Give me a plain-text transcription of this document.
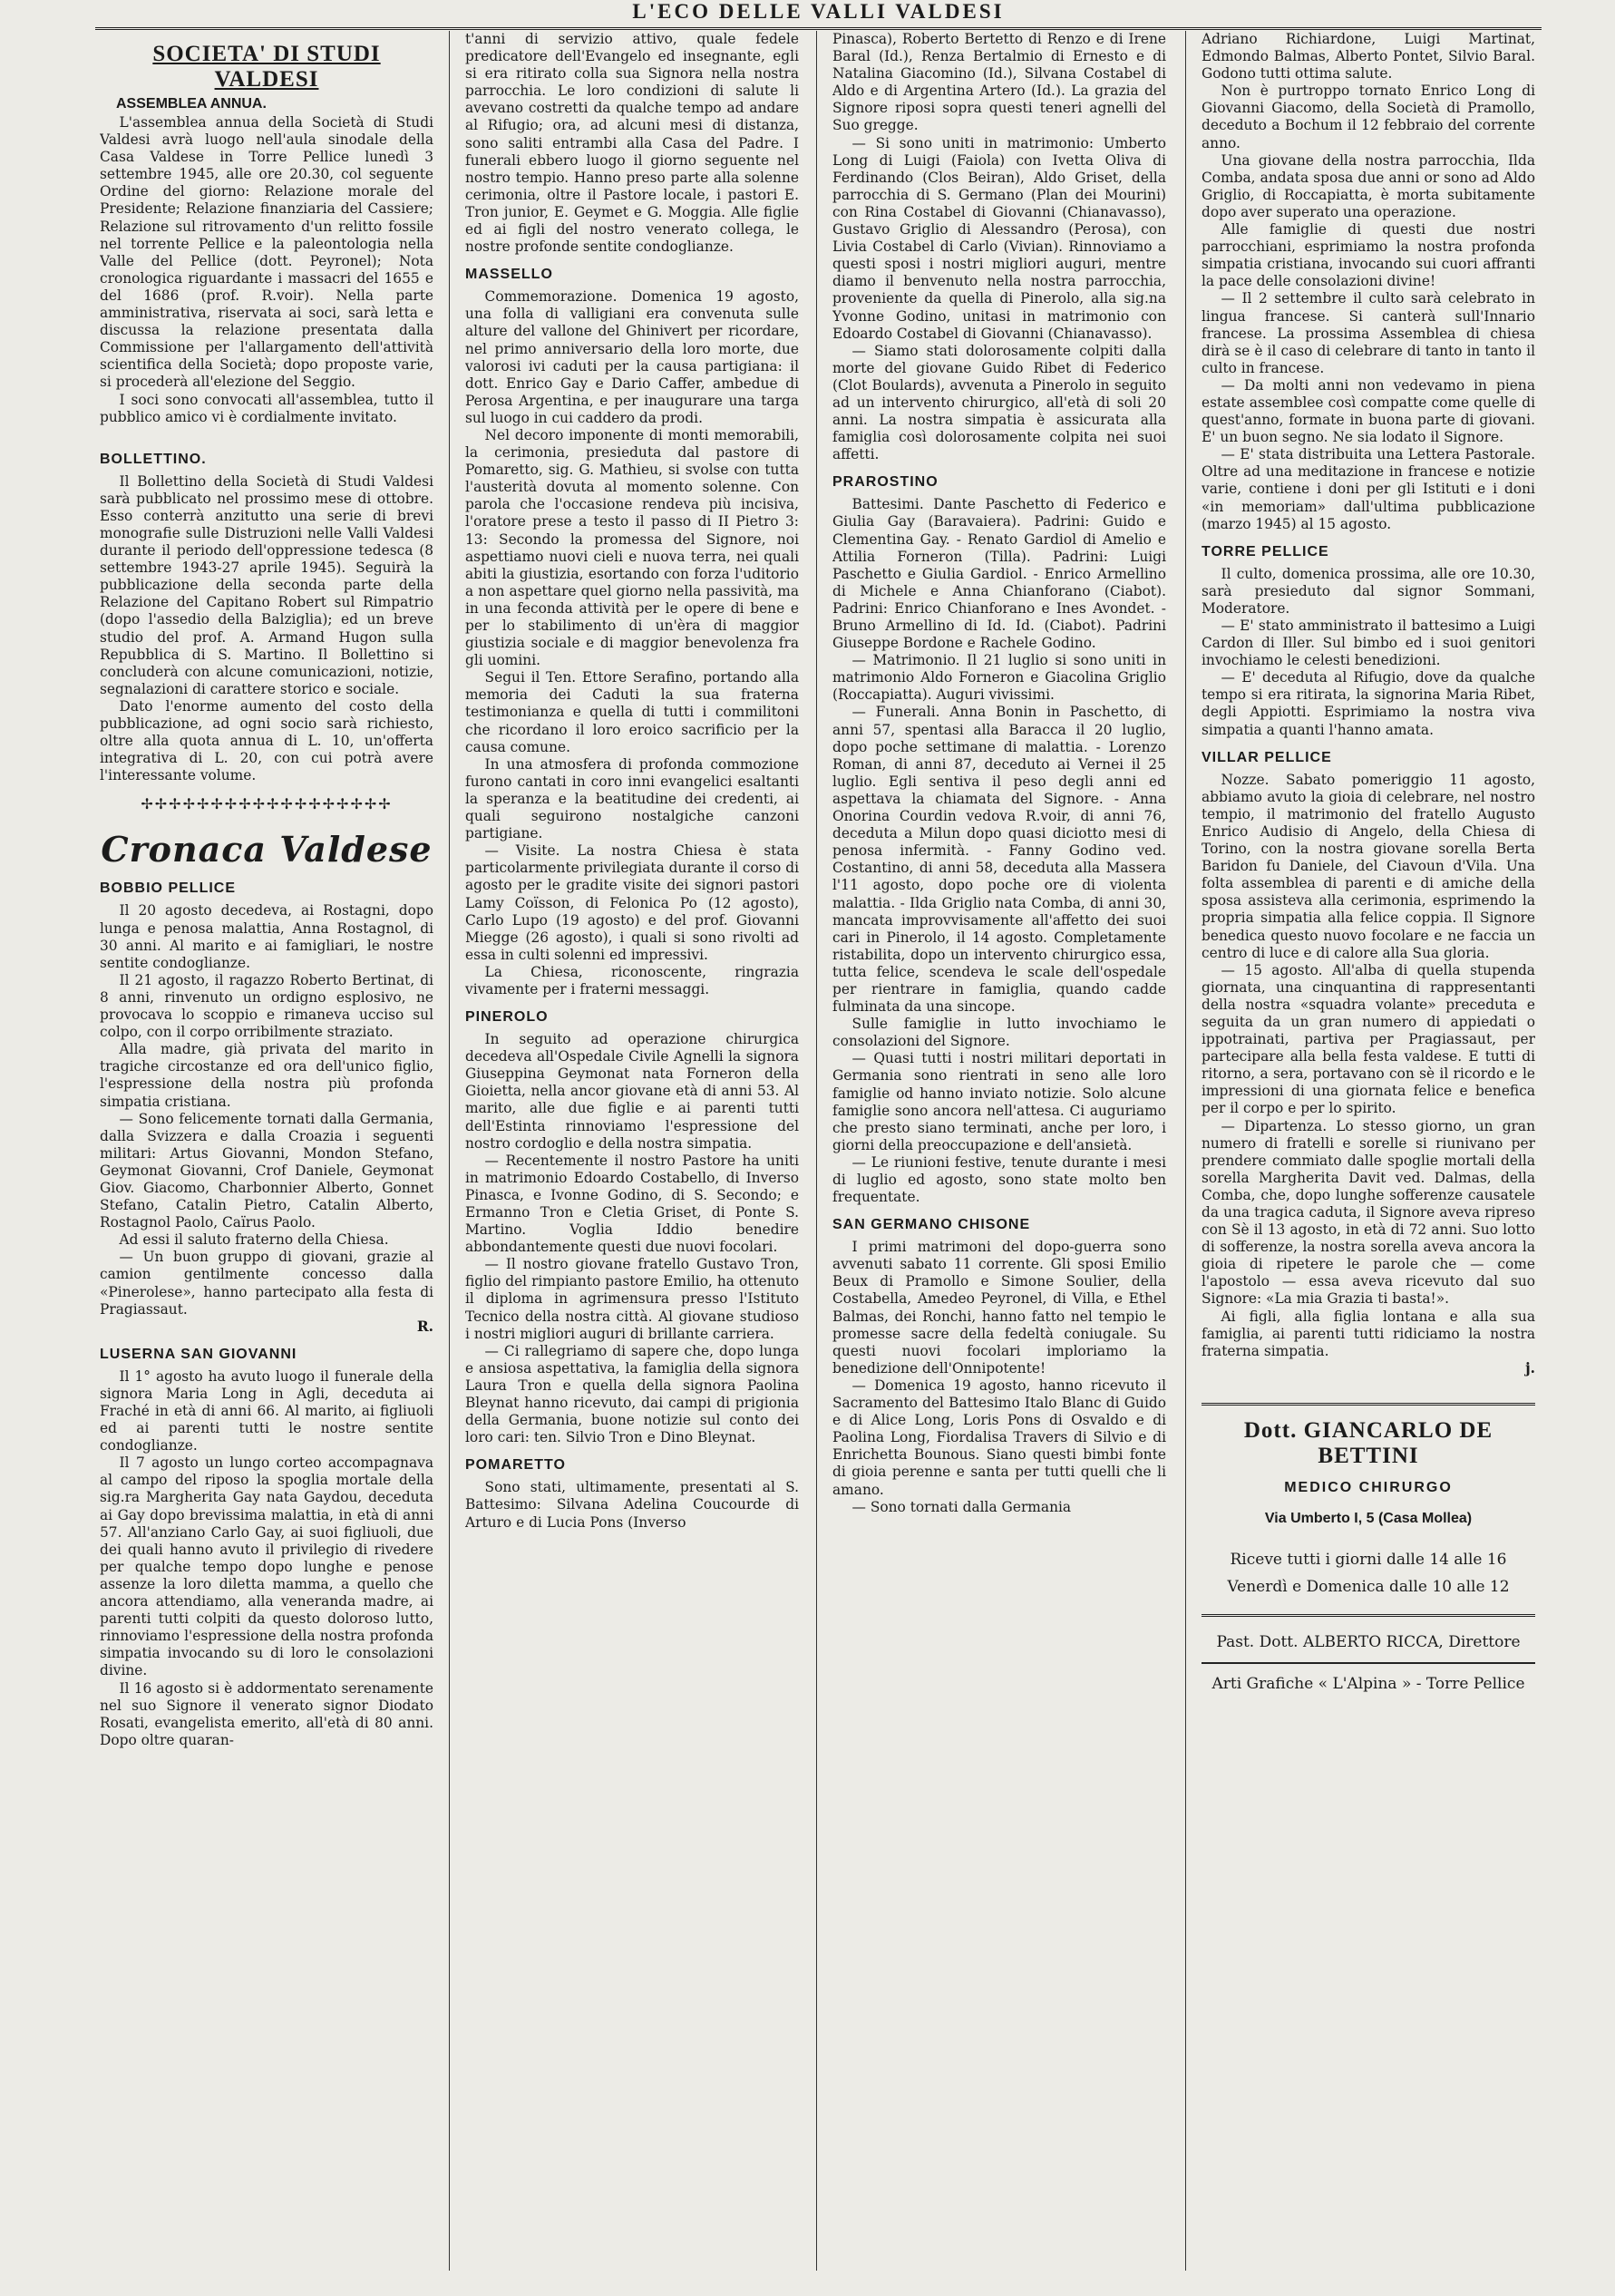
L'ECO DELLE VALLI VALDESI
SOCIETA' DI STUDI VALDESI
ASSEMBLEA ANNUA.

L'assemblea annua della Società di Studi Valdesi avrà luogo nell'aula sinodale della Casa Valdese in Torre Pellice lunedì 3 settembre 1945, alle ore 20.30, col seguente Ordine del giorno: Relazione morale del Presidente; Relazione finanziaria del Cassiere; Relazione sul ritrovamento d'un relitto fossile nel torrente Pellice e la paleontologia nella Valle del Pellice (dott. Peyronel); Nota cronologica riguardante i massacri del 1655 e del 1686 (prof. R.voir). Nella parte amministrativa, riservata ai soci, sarà letta e discussa la relazione presentata dalla Commissione per l'allargamento dell'attività scientifica della Società; dopo proposte varie, si procederà all'elezione del Seggio.

I soci sono convocati all'assemblea, tutto il pubblico amico vi è cordialmente invitato.

BOLLETTINO.

Il Bollettino della Società di Studi Valdesi sarà pubblicato nel prossimo mese di ottobre. Esso conterrà anzitutto una serie di brevi monografie sulle Distruzioni nelle Valli Valdesi durante il periodo dell'oppressione tedesca (8 settembre 1943-27 aprile 1945). Seguirà la pubblicazione della seconda parte della Relazione del Capitano Robert sul Rimpatrio (dopo l'assedio della Balziglia); ed un breve studio del prof. A. Armand Hugon sulla Repubblica di S. Martino. Il Bollettino si concluderà con alcune comunicazioni, notizie, segnalazioni di carattere storico e sociale.

Dato l'enorme aumento del costo della pubblicazione, ad ogni socio sarà richiesto, oltre alla quota annua di L. 10, un'offerta integrativa di L. 20, con cui potrà avere l'interessante volume.

✢✢✢✢✢✢✢✢✢✢✢✢✢✢✢✢✢✢
Cronaca Valdese
BOBBIO PELLICE

Il 20 agosto decedeva, ai Rostagni, dopo lunga e penosa malattia, Anna Rostagnol, di 30 anni. Al marito e ai famigliari, le nostre sentite condoglianze.

Il 21 agosto, il ragazzo Roberto Bertinat, di 8 anni, rinvenuto un ordigno esplosivo, ne provocava lo scoppio e rimaneva ucciso sul colpo, con il corpo orribilmente straziato.

Alla madre, già privata del marito in tragiche circostanze ed ora dell'unico figlio, l'espressione della nostra più profonda simpatia cristiana.

— Sono felicemente tornati dalla Germania, dalla Svizzera e dalla Croazia i seguenti militari: Artus Giovanni, Mondon Stefano, Geymonat Giovanni, Crof Daniele, Geymonat Giov. Giacomo, Charbonnier Alberto, Gonnet Stefano, Catalin Pietro, Catalin Alberto, Rostagnol Paolo, Caïrus Paolo.

Ad essi il saluto fraterno della Chiesa.

— Un buon gruppo di giovani, grazie al camion gentilmente concesso dalla «Pinerolese», hanno partecipato alla festa di Pragiassaut.

R.

LUSERNA SAN GIOVANNI

Il 1° agosto ha avuto luogo il funerale della signora Maria Long in Agli, deceduta ai Fraché in età di anni 66. Al marito, ai figliuoli ed ai parenti tutti le nostre sentite condoglianze.

Il 7 agosto un lungo corteo accompagnava al campo del riposo la spoglia mortale della sig.ra Margherita Gay nata Gaydou, deceduta ai Gay dopo brevissima malattia, in età di anni 57. All'anziano Carlo Gay, ai suoi figliuoli, due dei quali hanno avuto il privilegio di rivedere per qualche tempo dopo lunghe e penose assenze la loro diletta mamma, a quello che ancora attendiamo, alla veneranda madre, ai parenti tutti colpiti da questo doloroso lutto, rinnoviamo l'espressione della nostra profonda simpatia invocando su di loro le consolazioni divine.

Il 16 agosto si è addormentato serenamente nel suo Signore il venerato signor Diodato Rosati, evangelista emerito, all'età di 80 anni. Dopo oltre quaran-

t'anni di servizio attivo, quale fedele predicatore dell'Evangelo ed insegnante, egli si era ritirato colla sua Signora nella nostra parrocchia. Le loro condizioni di salute li avevano costretti da qualche tempo ad andare al Rifugio; ora, ad alcuni mesi di distanza, sono saliti entrambi alla Casa del Padre. I funerali ebbero luogo il giorno seguente nel nostro tempio. Hanno preso parte alla solenne cerimonia, oltre il Pastore locale, i pastori E. Tron junior, E. Geymet e G. Moggia. Alle figlie ed ai figli del nostro venerato collega, le nostre profonde sentite condoglianze.

MASSELLO

Commemorazione. Domenica 19 agosto, una folla di valligiani era convenuta sulle alture del vallone del Ghinivert per ricordare, nel primo anniversario della loro morte, due valorosi ivi caduti per la causa partigiana: il dott. Enrico Gay e Dario Caffer, ambedue di Perosa Argentina, e per inaugurare una targa sul luogo in cui caddero da prodi.

Nel decoro imponente di monti memorabili, la cerimonia, presieduta dal pastore di Pomaretto, sig. G. Mathieu, si svolse con tutta l'austerità dovuta al momento solenne. Con parola che l'occasione rendeva più incisiva, l'oratore prese a testo il passo di II Pietro 3: 13: Secondo la promessa del Signore, noi aspettiamo nuovi cieli e nuova terra, nei quali abiti la giustizia, esortando con forza l'uditorio a non aspettare quel giorno nella passività, ma in una feconda attività per le opere di bene e per lo stabilimento di un'èra di maggior giustizia sociale e di maggior benevolenza fra gli uomini.

Segui il Ten. Ettore Serafino, portando alla memoria dei Caduti la sua fraterna testimonianza e quella di tutti i commilitoni che ricordano il loro eroico sacrificio per la causa comune.

In una atmosfera di profonda commozione furono cantati in coro inni evangelici esaltanti la speranza e la beatitudine dei credenti, ai quali seguirono nostalgiche canzoni partigiane.

— Visite. La nostra Chiesa è stata particolarmente privilegiata durante il corso di agosto per le gradite visite dei signori pastori Lamy Coïsson, di Felonica Po (12 agosto), Carlo Lupo (19 agosto) e del prof. Giovanni Miegge (26 agosto), i quali si sono rivolti ad essa in culti solenni ed impressivi.

La Chiesa, riconoscente, ringrazia vivamente per i fraterni messaggi.

PINEROLO

In seguito ad operazione chirurgica decedeva all'Ospedale Civile Agnelli la signora Giuseppina Geymonat nata Forneron della Gioietta, nella ancor giovane età di anni 53. Al marito, alle due figlie e ai parenti tutti dell'Estinta rinnoviamo l'espressione del nostro cordoglio e della nostra simpatia.

— Recentemente il nostro Pastore ha uniti in matrimonio Edoardo Costabello, di Inverso Pinasca, e Ivonne Godino, di S. Secondo; e Ermanno Tron e Cletia Griset, di Ponte S. Martino. Voglia Iddio benedire abbondantemente questi due nuovi focolari.

— Il nostro giovane fratello Gustavo Tron, figlio del rimpianto pastore Emilio, ha ottenuto il diploma in agrimensura presso l'Istituto Tecnico della nostra città. Al giovane studioso i nostri migliori auguri di brillante carriera.

— Ci rallegriamo di sapere che, dopo lunga e ansiosa aspettativa, la famiglia della signora Laura Tron e quella della signora Paolina Bleynat hanno ricevuto, dai campi di prigionia della Germania, buone notizie sul conto dei loro cari: ten. Silvio Tron e Dino Bleynat.

POMARETTO

Sono stati, ultimamente, presentati al S. Battesimo: Silvana Adelina Coucourde di Arturo e di Lucia Pons (Inverso

Pinasca), Roberto Bertetto di Renzo e di Irene Baral (Id.), Renza Bertalmio di Ernesto e di Natalina Giacomino (Id.), Silvana Costabel di Aldo e di Argentina Artero (Id.). La grazia del Signore riposi sopra questi teneri agnelli del Suo gregge.

— Si sono uniti in matrimonio: Umberto Long di Luigi (Faiola) con Ivetta Oliva di Ferdinando (Clos Beiran), Aldo Griset, della parrocchia di S. Germano (Plan dei Mourini) con Rina Costabel di Giovanni (Chianavasso), Gustavo Griglio di Alessandro (Perosa), con Livia Costabel di Carlo (Vivian). Rinnoviamo a questi sposi i nostri migliori auguri, mentre diamo il benvenuto nella nostra parrocchia, proveniente da quella di Pinerolo, alla sig.na Yvonne Godino, unitasi in matrimonio con Edoardo Costabel di Giovanni (Chianavasso).

— Siamo stati dolorosamente colpiti dalla morte del giovane Guido Ribet di Federico (Clot Boulards), avvenuta a Pinerolo in seguito ad un intervento chirurgico, all'età di soli 20 anni. La nostra simpatia è assicurata alla famiglia così dolorosamente colpita nei suoi affetti.

PRAROSTINO

Battesimi. Dante Paschetto di Federico e Giulia Gay (Baravaiera). Padrini: Guido e Clementina Gay. - Renato Gardiol di Amelio e Attilia Forneron (Tilla). Padrini: Luigi Paschetto e Giulia Gardiol. - Enrico Armellino di Michele e Anna Chianforano (Ciabot). Padrini: Enrico Chianforano e Ines Avondet. - Bruno Armellino di Id. Id. (Ciabot). Padrini Giuseppe Bordone e Rachele Godino.

— Matrimonio. Il 21 luglio si sono uniti in matrimonio Aldo Forneron e Giacolina Griglio (Roccapiatta). Auguri vivissimi.

— Funerali. Anna Bonin in Paschetto, di anni 57, spentasi alla Baracca il 20 luglio, dopo poche settimane di malattia. - Lorenzo Roman, di anni 87, deceduto ai Vernei il 25 luglio. Egli sentiva il peso degli anni ed aspettava la chiamata del Signore. - Anna Onorina Courdin vedova R.voir, di anni 76, deceduta a Milun dopo quasi diciotto mesi di penosa infermità. - Fanny Godino ved. Costantino, di anni 58, deceduta alla Massera l'11 agosto, dopo poche ore di violenta malattia. - Ilda Griglio nata Comba, di anni 30, mancata improvvisamente all'affetto dei suoi cari in Pinerolo, il 14 agosto. Completamente ristabilita, dopo un intervento chirurgico essa, tutta felice, scendeva le scale dell'ospedale per rientrare in famiglia, quando cadde fulminata da una sincope.

Sulle famiglie in lutto invochiamo le consolazioni del Signore.

— Quasi tutti i nostri militari deportati in Germania sono rientrati in seno alle loro famiglie od hanno inviato notizie. Solo alcune famiglie sono ancora nell'attesa. Ci auguriamo che presto siano terminati, anche per loro, i giorni della preoccupazione e dell'ansietà.

— Le riunioni festive, tenute durante i mesi di luglio ed agosto, sono state molto ben frequentate.

SAN GERMANO CHISONE

I primi matrimoni del dopo-guerra sono avvenuti sabato 11 corrente. Gli sposi Emilio Beux di Pramollo e Simone Soulier, della Costabella, Amedeo Peyronel, di Villa, e Ethel Balmas, dei Ronchi, hanno fatto nel tempio le promesse sacre della fedeltà coniugale. Su questi nuovi focolari imploriamo la benedizione dell'Onnipotente!

— Domenica 19 agosto, hanno ricevuto il Sacramento del Battesimo Italo Blanc di Guido e di Alice Long, Loris Pons di Osvaldo e di Paolina Long, Fiordalisa Travers di Silvio e di Enrichetta Bounous. Siano questi bimbi fonte di gioia perenne e santa per tutti quelli che li amano.

— Sono tornati dalla Germania

Adriano Richiardone, Luigi Martinat, Edmondo Balmas, Alberto Pontet, Silvio Baral. Godono tutti ottima salute.

Non è purtroppo tornato Enrico Long di Giovanni Giacomo, della Società di Pramollo, deceduto a Bochum il 12 febbraio del corrente anno.

Una giovane della nostra parrocchia, Ilda Comba, andata sposa due anni or sono ad Aldo Griglio, di Roccapiatta, è morta subitamente dopo aver superato una operazione.

Alle famiglie di questi due nostri parrocchiani, esprimiamo la nostra profonda simpatia cristiana, invocando sui cuori affranti la pace delle consolazioni divine!

— Il 2 settembre il culto sarà celebrato in lingua francese. Si canterà sull'Innario francese. La prossima Assemblea di chiesa dirà se è il caso di celebrare di tanto in tanto il culto in francese.

— Da molti anni non vedevamo in piena estate assemblee così compatte come quelle di quest'anno, formate in buona parte di giovani. E' un buon segno. Ne sia lodato il Signore.

— E' stata distribuita una Lettera Pastorale. Oltre ad una meditazione in francese e notizie varie, contiene i doni per gli Istituti e i doni «in memoriam» dall'ultima pubblicazione (marzo 1945) al 15 agosto.

TORRE PELLICE

Il culto, domenica prossima, alle ore 10.30, sarà presieduto dal signor Sommani, Moderatore.

— E' stato amministrato il battesimo a Luigi Cardon di Iller. Sul bimbo ed i suoi genitori invochiamo le celesti benedizioni.

— E' deceduta al Rifugio, dove da qualche tempo si era ritirata, la signorina Maria Ribet, degli Appiotti. Esprimiamo la nostra viva simpatia a quanti l'hanno amata.

VILLAR PELLICE

Nozze. Sabato pomeriggio 11 agosto, abbiamo avuto la gioia di celebrare, nel nostro tempio, il matrimonio del fratello Augusto Enrico Audisio di Angelo, della Chiesa di Torino, con la nostra giovane sorella Berta Baridon fu Daniele, del Ciavoun d'Vila. Una folta assemblea di parenti e di amiche della sposa assisteva alla cerimonia, esprimendo la propria simpatia alla felice coppia. Il Signore benedica questo nuovo focolare e ne faccia un centro di luce e di calore alla Sua gloria.

— 15 agosto. All'alba di quella stupenda giornata, una cinquantina di rappresentanti della nostra «squadra volante» preceduta e seguita da un gran numero di appiedati o ippotrainati, partiva per Pragiassaut, per partecipare alla bella festa valdese. E tutti di ritorno, a sera, portavano con sè il ricordo e le impressioni di una giornata felice e benefica per il corpo e per lo spirito.

— Dipartenza. Lo stesso giorno, un gran numero di fratelli e sorelle si riunivano per prendere commiato dalle spoglie mortali della sorella Margherita Davit ved. Dalmas, della Comba, che, dopo lunghe sofferenze causatele da una tragica caduta, il Signore aveva ripreso con Sè il 13 agosto, in età di 72 anni. Suo lotto di sofferenze, la nostra sorella aveva ancora la gioia di ripetere le parole che — come l'apostolo — essa aveva ricevuto dal suo Signore: «La mia Grazia ti basta!».

Ai figli, alla figlia lontana e alla sua famiglia, ai parenti tutti ridiciamo la nostra fraterna simpatia.

j.

Dott. GIANCARLO DE BETTINI
MEDICO CHIRURGO
Via Umberto I, 5 (Casa Mollea)
Riceve tutti i giorni dalle 14 alle 16
Venerdì e Domenica dalle 10 alle 12
Past. Dott. ALBERTO RICCA, Direttore
Arti Grafiche « L'Alpina » - Torre Pellice
